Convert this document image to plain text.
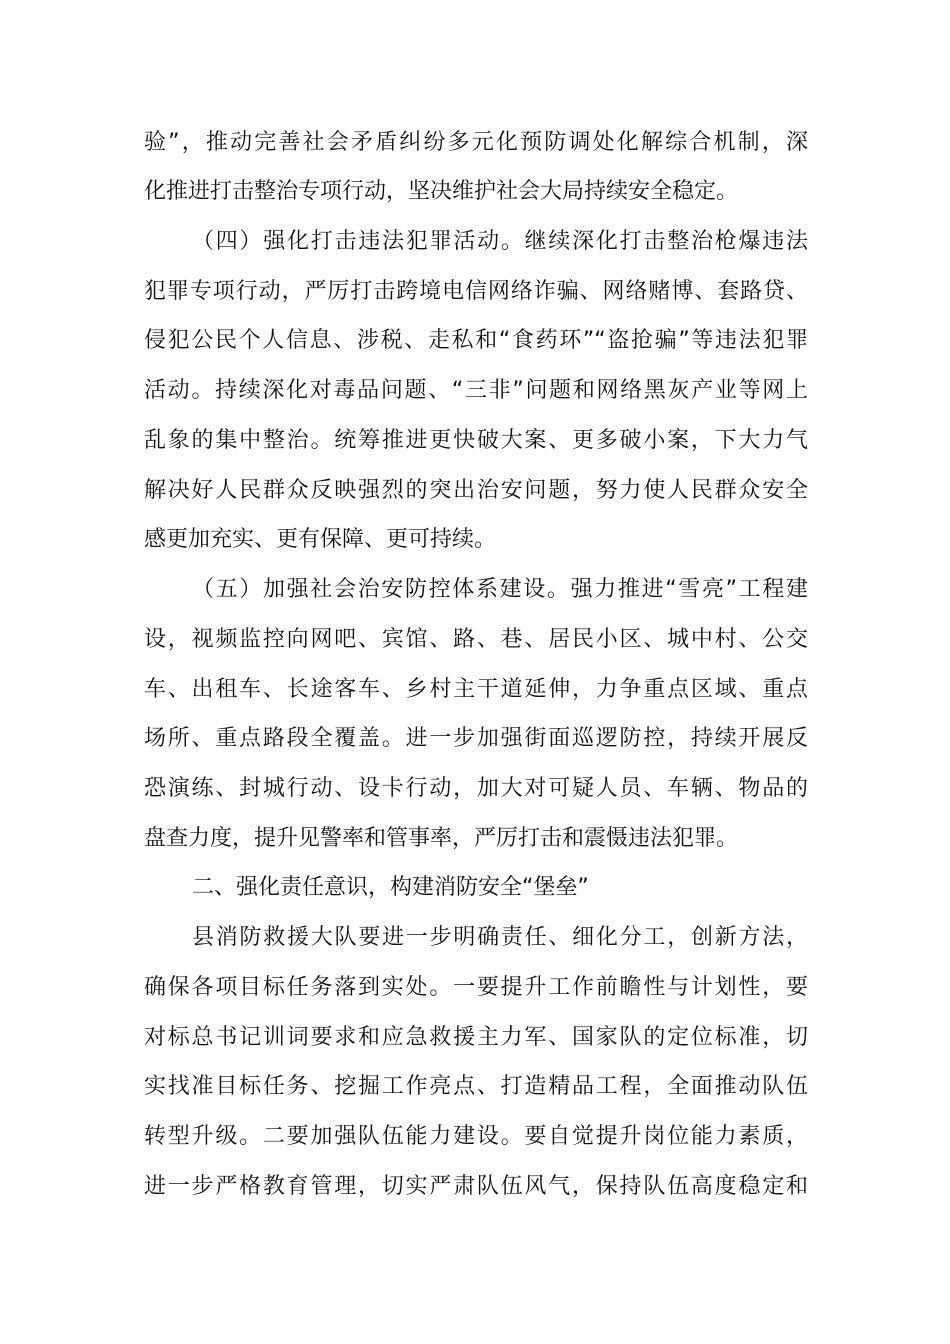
验”，推动完善社会矛盾纠纷多元化预防调处化解综合机制，深
化推进打击整治专项行动，坚决维护社会大局持续安全稳定。
（四）强化打击违法犯罪活动。继续深化打击整治枪爆违法
犯罪专项行动，严厉打击跨境电信网络诈骗、网络赌博、套路贷、
侵犯公民个人信息、涉税、走私和“食药环”“盗抢骗”等违法犯罪
活动。持续深化对毒品问题、“三非”问题和网络黑灰产业等网上
乱象的集中整治。统筹推进更快破大案、更多破小案，下大力气
解决好人民群众反映强烈的突出治安问题，努力使人民群众安全
感更加充实、更有保障、更可持续。
（五）加强社会治安防控体系建设。强力推进“雪亮”工程建
设，视频监控向网吧、宾馆、路、巷、居民小区、城中村、公交
车、出租车、长途客车、乡村主干道延伸，力争重点区域、重点
场所、重点路段全覆盖。进一步加强街面巡逻防控，持续开展反
恐演练、封城行动、设卡行动，加大对可疑人员、车辆、物品的
盘查力度，提升见警率和管事率，严厉打击和震慑违法犯罪。
二、强化责任意识，构建消防安全“堡垒”
县消防救援大队要进一步明确责任、细化分工，创新方法，
确保各项目标任务落到实处。一要提升工作前瞻性与计划性，要
对标总书记训词要求和应急救援主力军、国家队的定位标准，切
实找准目标任务、挖掘工作亮点、打造精品工程，全面推动队伍
转型升级。二要加强队伍能力建设。要自觉提升岗位能力素质，
进一步严格教育管理，切实严肃队伍风气，保持队伍高度稳定和
